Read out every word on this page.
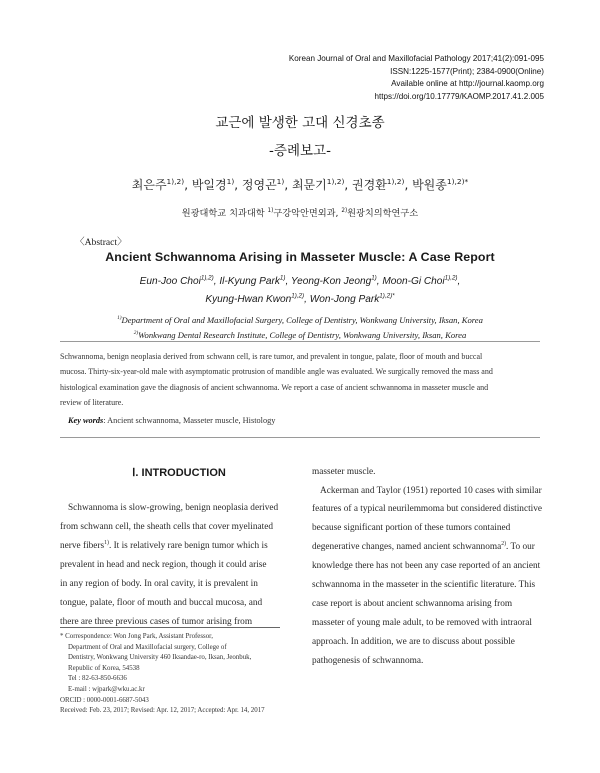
Korean Journal of Oral and Maxillofacial Pathology 2017;41(2):091-095
ISSN:1225-1577(Print); 2384-0900(Online)
Available online at http://journal.kaomp.org
https://doi.org/10.17779/KAOMP.2017.41.2.005
교근에 발생한 고대 신경초종
-증례보고-
최은주$^{1),2)}$, 박일경$^{1)}$, 정영곤$^{1)}$, 최문기$^{1),2)}$, 권경환$^{1),2)}$, 박원종$^{1),2)*}$
원광대학교 치과대학 $^{1)}$구강악안면외과, $^{2)}$원광치의학연구소
〈Abstract〉
Ancient Schwannoma Arising in Masseter Muscle: A Case Report
Eun-Joo Choi$^{1),2)}$, Il-Kyung Park$^{1)}$, Yeong-Kon Jeong$^{1)}$, Moon-Gi Choi$^{1),2)}$,
Kyung-Hwan Kwon$^{1),2)}$, Won-Jong Park$^{1),2)*}$
$^{1)}$Department of Oral and Maxillofacial Surgery, College of Dentistry, Wonkwang University, Iksan, Korea
$^{2)}$Wonkwang Dental Research Institute, College of Dentistry, Wonkwang University, Iksan, Korea
Schwannoma, benign neoplasia derived from schwann cell, is rare tumor, and prevalent in tongue, palate, floor of mouth and buccal
mucosa. Thirty-six-year-old male with asymptomatic protrusion of mandible angle was evaluated. We surgically removed the mass and
histological examination gave the diagnosis of ancient schwannoma. We report a case of ancient schwannoma in masseter muscle and
review of literature.
Key words: Ancient schwannoma, Masseter muscle, Histology
Ⅰ. INTRODUCTION
Schwannoma is slow-growing, benign neoplasia derived
from schwann cell, the sheath cells that cover myelinated
nerve fibers$^{1)}$. It is relatively rare benign tumor which is
prevalent in head and neck region, though it could arise
in any region of body. In oral cavity, it is prevalent in
tongue, palate, floor of mouth and buccal mucosa, and
there are three previous cases of tumor arising from
masseter muscle.
Ackerman and Taylor (1951) reported 10 cases with similar
features of a typical neurilemmoma but considered distinctive
because significant portion of these tumors contained
degenerative changes, named ancient schwannoma$^{2)}$. To our
knowledge there has not been any case reported of an ancient
schwannoma in the masseter in the scientific literature. This
case report is about ancient schwannoma arising from
masseter of young male adult, to be removed with intraoral
approach. In addition, we are to discuss about possible
pathogenesis of schwannoma.
* Correspondence: Won Jong Park, Assistant Professor,
Department of Oral and Maxillofacial surgery, College of
Dentistry, Wonkwang University 460 Iksandae-ro, Iksan, Jeonbuk,
Republic of Korea, 54538
Tel : 82-63-850-6636
E-mail : wjpark@wku.ac.kr
ORCID : 0000-0001-6687-5043
Received: Feb. 23, 2017; Revised: Apr. 12, 2017; Accepted: Apr. 14, 2017
